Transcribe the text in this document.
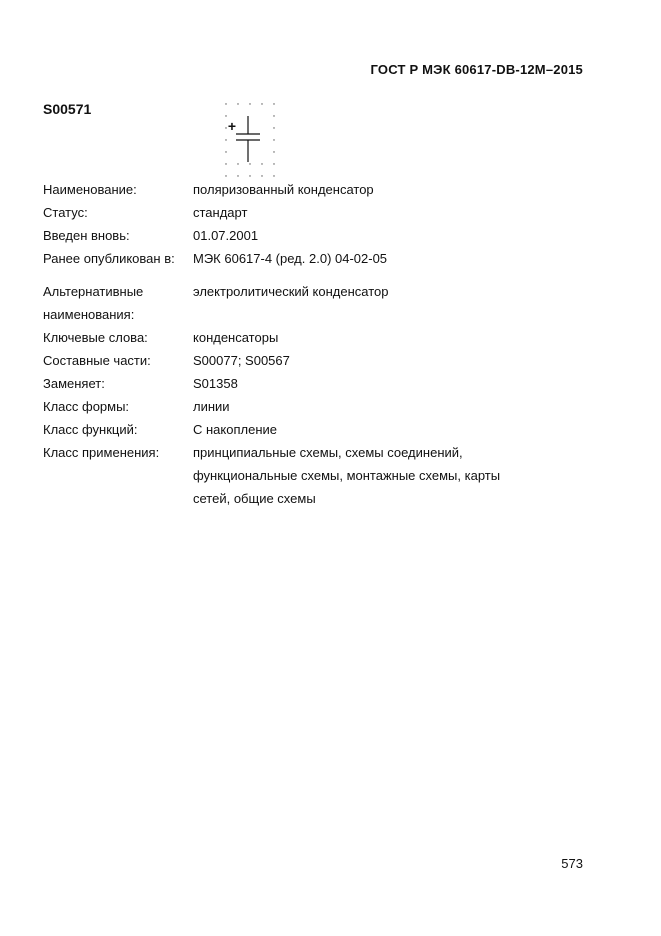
ГОСТ Р МЭК 60617-DB-12M–2015
S00571
+
Наименование:	поляризованный конденсатор
Статус:	стандарт
Введен вновь:	01.07.2001
Ранее опубликован в:	МЭК 60617-4 (ред. 2.0) 04-02-05
Альтернативные наименования:
электролитический конденсатор
Ключевые слова:	конденсаторы
Составные части:	S00077; S00567
Заменяет:	S01358
Класс формы:	линии
Класс функций:	С накопление
Класс применения:	принципиальные схемы, схемы соединений, функциональные схемы, монтажные схемы, карты сетей, общие схемы
573
